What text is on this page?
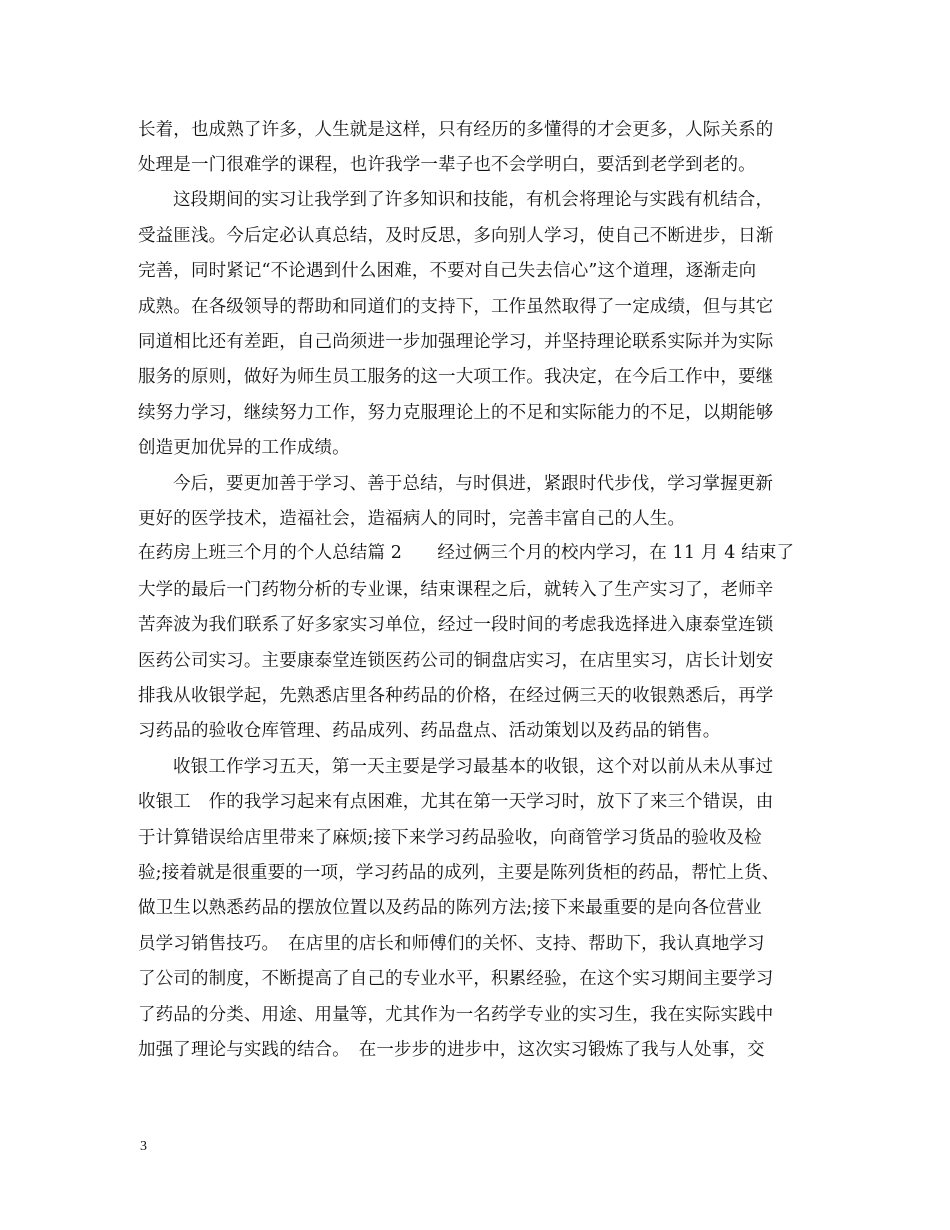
长着，也成熟了许多，人生就是这样，只有经历的多懂得的才会更多，人际关系的
处理是一门很难学的课程，也许我学一辈子也不会学明白，要活到老学到老的。
这段期间的实习让我学到了许多知识和技能，有机会将理论与实践有机结合，
受益匪浅。今后定必认真总结，及时反思，多向别人学习，使自己不断进步，日渐
完善，同时紧记“不论遇到什么困难，不要对自己失去信心”这个道理，逐渐走向
成熟。在各级领导的帮助和同道们的支持下，工作虽然取得了一定成绩，但与其它
同道相比还有差距，自己尚须进一步加强理论学习，并坚持理论联系实际并为实际
服务的原则，做好为师生员工服务的这一大项工作。我决定，在今后工作中，要继
续努力学习，继续努力工作，努力克服理论上的不足和实际能力的不足，以期能够
创造更加优异的工作成绩。
今后，要更加善于学习、善于总结，与时俱进，紧跟时代步伐，学习掌握更新
更好的医学技术，造福社会，造福病人的同时，完善丰富自己的人生。
在药房上班三个月的个人总结篇 2　　经过俩三个月的校内学习，在 11 月 4 结束了
大学的最后一门药物分析的专业课，结束课程之后，就转入了生产实习了，老师辛
苦奔波为我们联系了好多家实习单位，经过一段时间的考虑我选择进入康泰堂连锁
医药公司实习。主要康泰堂连锁医药公司的铜盘店实习，在店里实习，店长计划安
排我从收银学起，先熟悉店里各种药品的价格，在经过俩三天的收银熟悉后，再学
习药品的验收仓库管理、药品成列、药品盘点、活动策划以及药品的销售。
收银工作学习五天，第一天主要是学习最基本的收银，这个对以前从未从事过
收银工　作的我学习起来有点困难，尤其在第一天学习时，放下了来三个错误，由
于计算错误给店里带来了麻烦;接下来学习药品验收，向商管学习货品的验收及检
验;接着就是很重要的一项，学习药品的成列，主要是陈列货柜的药品，帮忙上货、
做卫生以熟悉药品的摆放位置以及药品的陈列方法;接下来最重要的是向各位营业
员学习销售技巧。　在店里的店长和师傅们的关怀、支持、帮助下，我认真地学习
了公司的制度，不断提高了自己的专业水平，积累经验，在这个实习期间主要学习
了药品的分类、用途、用量等，尤其作为一名药学专业的实习生，我在实际实践中
加强了理论与实践的结合。　在一步步的进步中，这次实习锻炼了我与人处事，交
3
